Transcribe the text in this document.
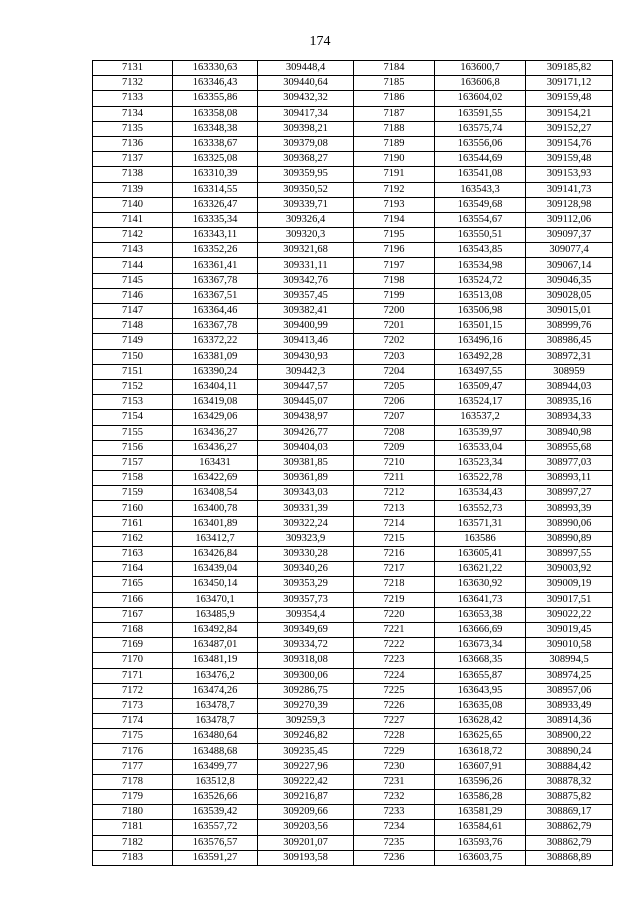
174
7131	163330,63	309448,4	7184	163600,7	309185,82
7132	163346,43	309440,64	7185	163606,8	309171,12
7133	163355,86	309432,32	7186	163604,02	309159,48
7134	163358,08	309417,34	7187	163591,55	309154,21
7135	163348,38	309398,21	7188	163575,74	309152,27
7136	163338,67	309379,08	7189	163556,06	309154,76
7137	163325,08	309368,27	7190	163544,69	309159,48
7138	163310,39	309359,95	7191	163541,08	309153,93
7139	163314,55	309350,52	7192	163543,3	309141,73
7140	163326,47	309339,71	7193	163549,68	309128,98
7141	163335,34	309326,4	7194	163554,67	309112,06
7142	163343,11	309320,3	7195	163550,51	309097,37
7143	163352,26	309321,68	7196	163543,85	309077,4
7144	163361,41	309331,11	7197	163534,98	309067,14
7145	163367,78	309342,76	7198	163524,72	309046,35
7146	163367,51	309357,45	7199	163513,08	309028,05
7147	163364,46	309382,41	7200	163506,98	309015,01
7148	163367,78	309400,99	7201	163501,15	308999,76
7149	163372,22	309413,46	7202	163496,16	308986,45
7150	163381,09	309430,93	7203	163492,28	308972,31
7151	163390,24	309442,3	7204	163497,55	308959
7152	163404,11	309447,57	7205	163509,47	308944,03
7153	163419,08	309445,07	7206	163524,17	308935,16
7154	163429,06	309438,97	7207	163537,2	308934,33
7155	163436,27	309426,77	7208	163539,97	308940,98
7156	163436,27	309404,03	7209	163533,04	308955,68
7157	163431	309381,85	7210	163523,34	308977,03
7158	163422,69	309361,89	7211	163522,78	308993,11
7159	163408,54	309343,03	7212	163534,43	308997,27
7160	163400,78	309331,39	7213	163552,73	308993,39
7161	163401,89	309322,24	7214	163571,31	308990,06
7162	163412,7	309323,9	7215	163586	308990,89
7163	163426,84	309330,28	7216	163605,41	308997,55
7164	163439,04	309340,26	7217	163621,22	309003,92
7165	163450,14	309353,29	7218	163630,92	309009,19
7166	163470,1	309357,73	7219	163641,73	309017,51
7167	163485,9	309354,4	7220	163653,38	309022,22
7168	163492,84	309349,69	7221	163666,69	309019,45
7169	163487,01	309334,72	7222	163673,34	309010,58
7170	163481,19	309318,08	7223	163668,35	308994,5
7171	163476,2	309300,06	7224	163655,87	308974,25
7172	163474,26	309286,75	7225	163643,95	308957,06
7173	163478,7	309270,39	7226	163635,08	308933,49
7174	163478,7	309259,3	7227	163628,42	308914,36
7175	163480,64	309246,82	7228	163625,65	308900,22
7176	163488,68	309235,45	7229	163618,72	308890,24
7177	163499,77	309227,96	7230	163607,91	308884,42
7178	163512,8	309222,42	7231	163596,26	308878,32
7179	163526,66	309216,87	7232	163586,28	308875,82
7180	163539,42	309209,66	7233	163581,29	308869,17
7181	163557,72	309203,56	7234	163584,61	308862,79
7182	163576,57	309201,07	7235	163593,76	308862,79
7183	163591,27	309193,58	7236	163603,75	308868,89
